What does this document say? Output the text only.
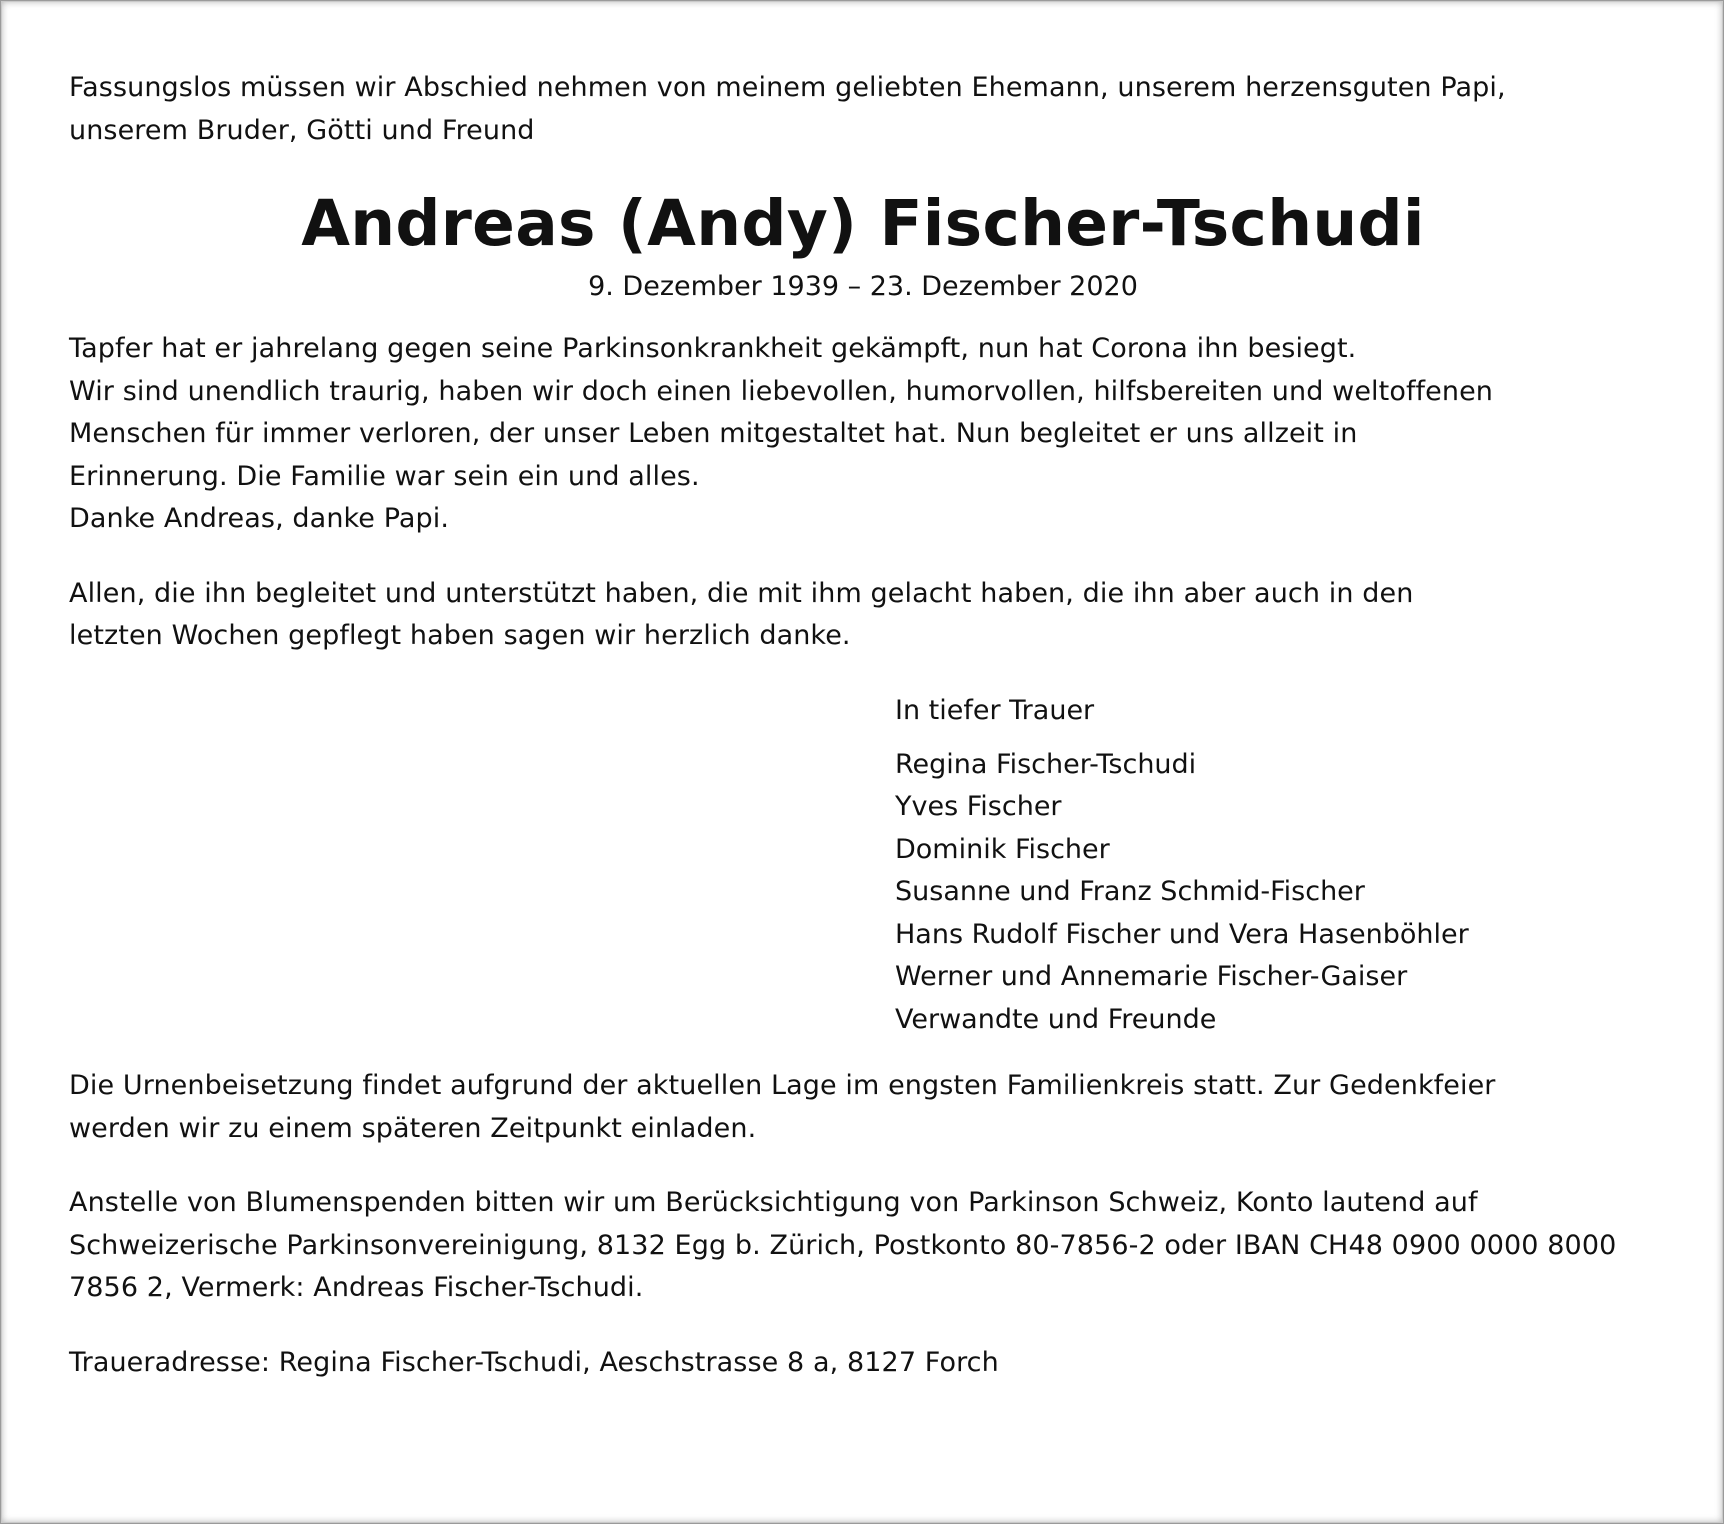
Fassungslos müssen wir Abschied nehmen von meinem geliebten Ehemann, unserem herzensguten Papi,
unserem Bruder, Götti und Freund

Andreas (Andy) Fischer-Tschudi
9. Dezember 1939 – 23. Dezember 2020

Tapfer hat er jahrelang gegen seine Parkinsonkrankheit gekämpft, nun hat Corona ihn besiegt.
Wir sind unendlich traurig, haben wir doch einen liebevollen, humorvollen, hilfsbereiten und weltoffenen
Menschen für immer verloren, der unser Leben mitgestaltet hat. Nun begleitet er uns allzeit in
Erinnerung. Die Familie war sein ein und alles.
Danke Andreas, danke Papi.

Allen, die ihn begleitet und unterstützt haben, die mit ihm gelacht haben, die ihn aber auch in den
letzten Wochen gepflegt haben sagen wir herzlich danke.

In tiefer Trauer
Regina Fischer-Tschudi
Yves Fischer
Dominik Fischer
Susanne und Franz Schmid-Fischer
Hans Rudolf Fischer und Vera Hasenböhler
Werner und Annemarie Fischer-Gaiser
Verwandte und Freunde

Die Urnenbeisetzung findet aufgrund der aktuellen Lage im engsten Familienkreis statt. Zur Gedenkfeier
werden wir zu einem späteren Zeitpunkt einladen.

Anstelle von Blumenspenden bitten wir um Berücksichtigung von Parkinson Schweiz, Konto lautend auf
Schweizerische Parkinsonvereinigung, 8132 Egg b. Zürich, Postkonto 80-7856-2 oder IBAN CH48 0900 0000 8000
7856 2, Vermerk: Andreas Fischer-Tschudi.

Traueradresse: Regina Fischer-Tschudi, Aeschstrasse 8 a, 8127 Forch
